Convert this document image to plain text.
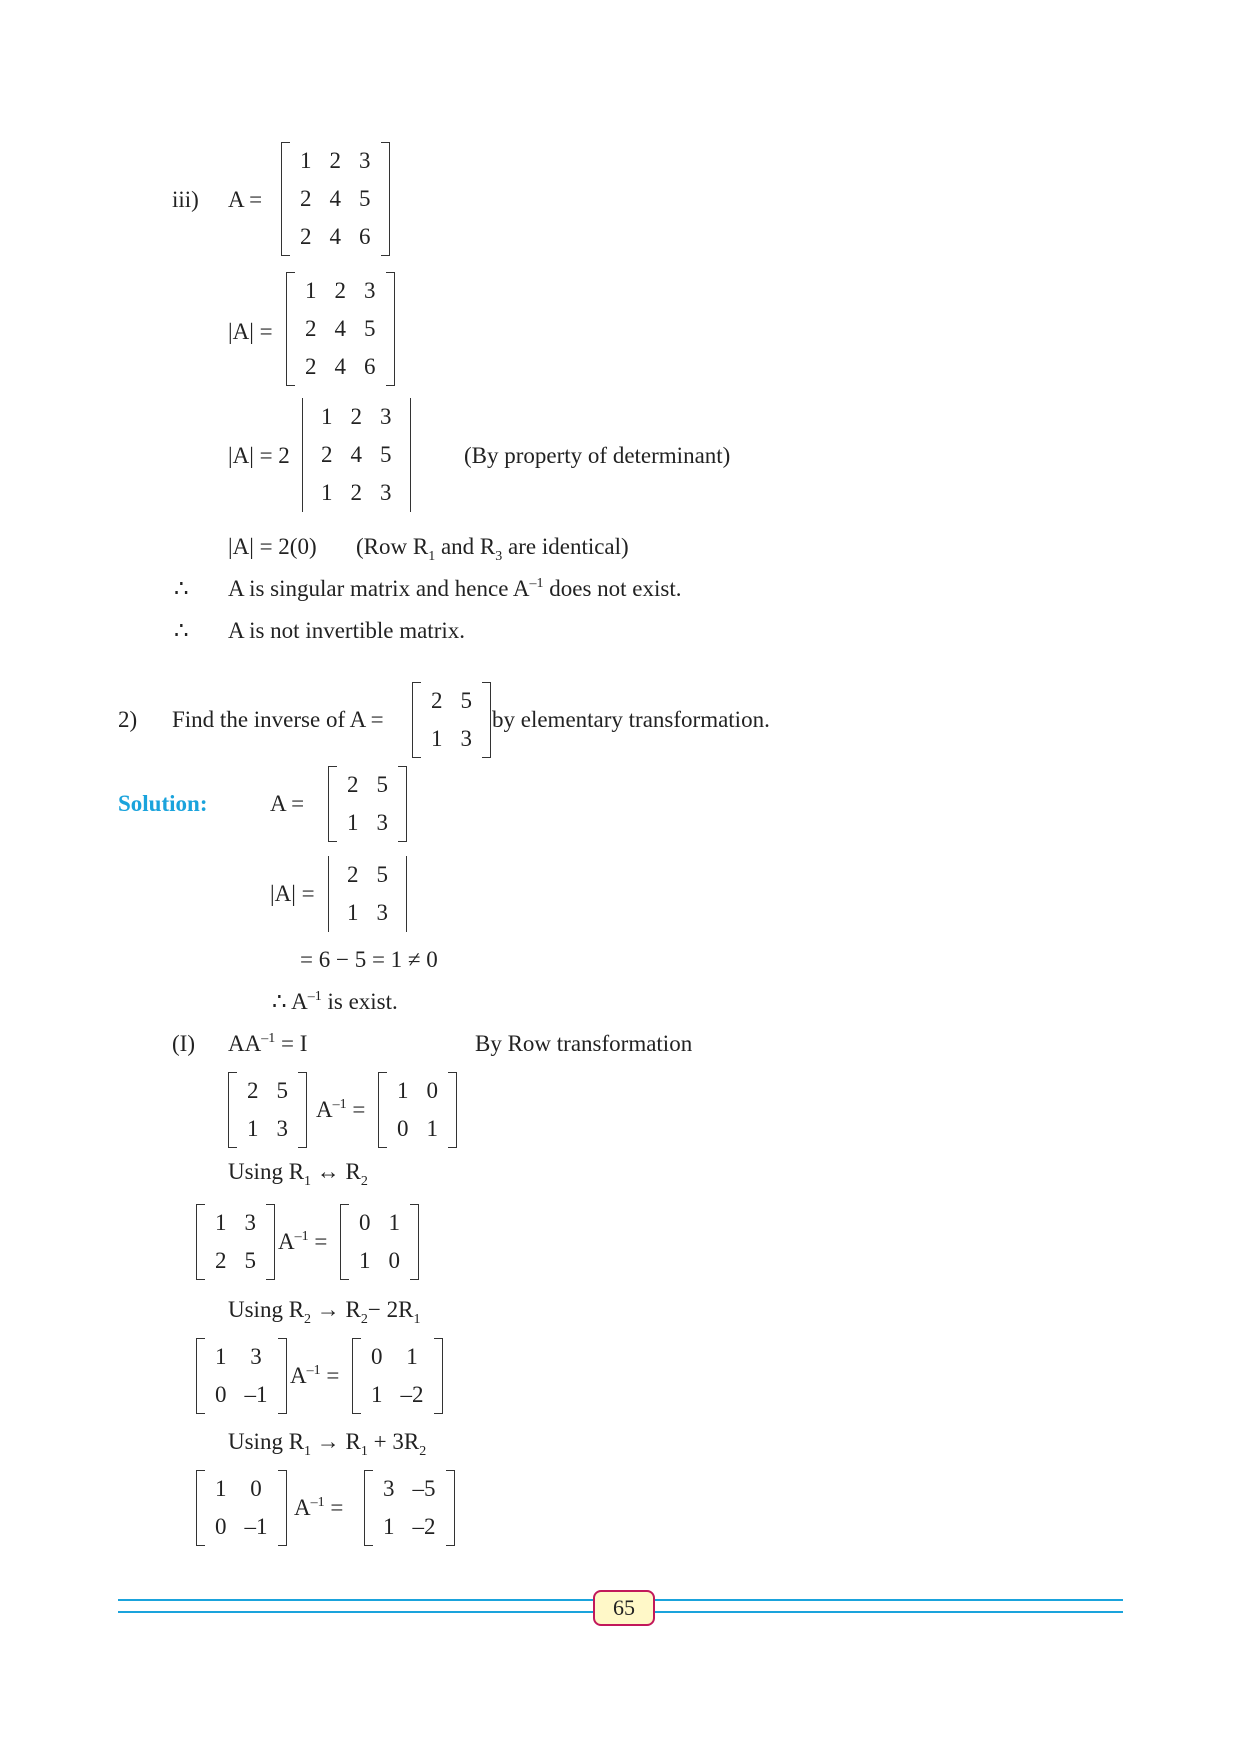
iii) A =
1	2	3
2	4	5
2	4	6
|A| =
1	2	3
2	4	5
2	4	6
|A| = 2
1	2	3
2	4	5
1	2	3
(By property of determinant)
|A| = 2(0) (Row $R_1$ and $R_3$ are identical)
∴ A is singular matrix and hence $A^{-1}$ does not exist.
∴ A is not invertible matrix.
2) Find the inverse of A =
2	5
1	3
by elementary transformation.
Solution:	A =
2	5
1	3
|A| =
2	5
1	3
= 6 − 5 = 1 ≠ 0
∴ $A^{-1}$ is exist.
(I) $AA^{-1} = I$	By Row transformation
2	5
1	3
$A^{-1}$ =
1	0
0	1
Using $R_1$ ↔ $R_2$
1	3
2	5
$A^{-1}$ =
0	1
1	0
Using $R_2 \to R_2- 2R_1$
1	3
0	–1
$A^{-1}$ =
0	1
1	–2
Using $R_1 \to R_1 + 3R_2$
1	0
0	–1
$A^{-1}$ =
3	–5
1	–2
65
